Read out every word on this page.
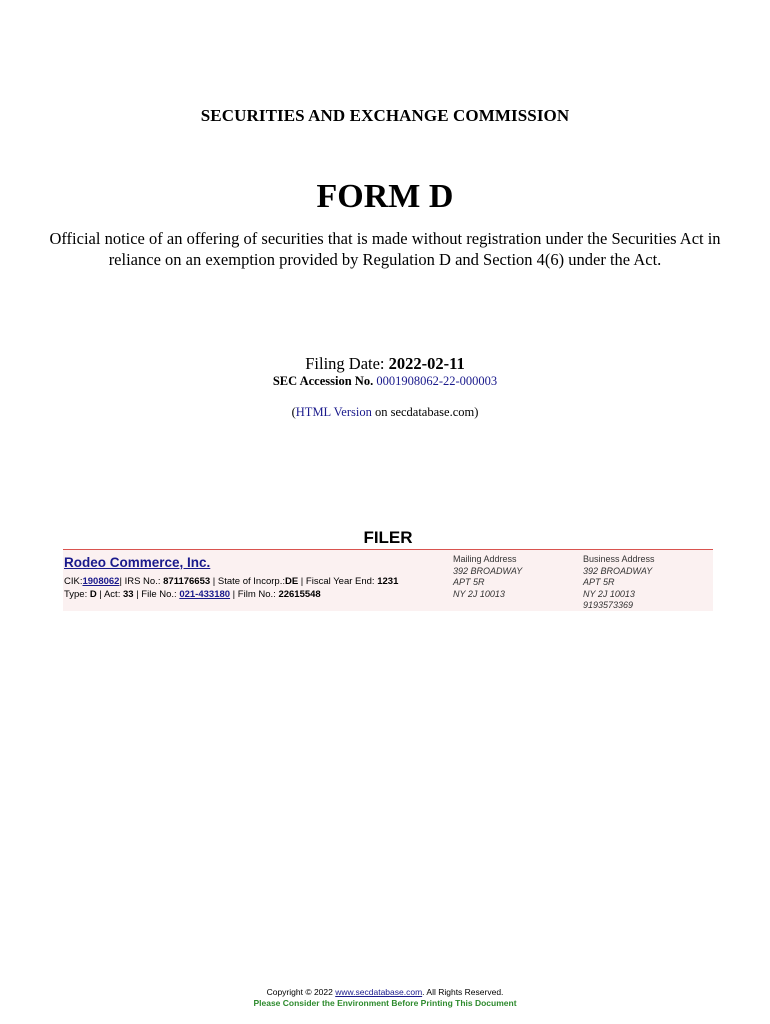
SECURITIES AND EXCHANGE COMMISSION
FORM D
Official notice of an offering of securities that is made without registration under the Securities Act in reliance on an exemption provided by Regulation D and Section 4(6) under the Act.
Filing Date: 2022-02-11
SEC Accession No. 0001908062-22-000003
(HTML Version on secdatabase.com)
FILER
Rodeo Commerce, Inc.
CIK:1908062| IRS No.: 871176653 | State of Incorp.:DE | Fiscal Year End: 1231
Type: D | Act: 33 | File No.: 021-433180 | Film No.: 22615548
Mailing Address
392 BROADWAY
APT 5R
NY 2J 10013
Business Address
392 BROADWAY
APT 5R
NY 2J 10013
9193573369
Copyright © 2022 www.secdatabase.com. All Rights Reserved.
Please Consider the Environment Before Printing This Document
